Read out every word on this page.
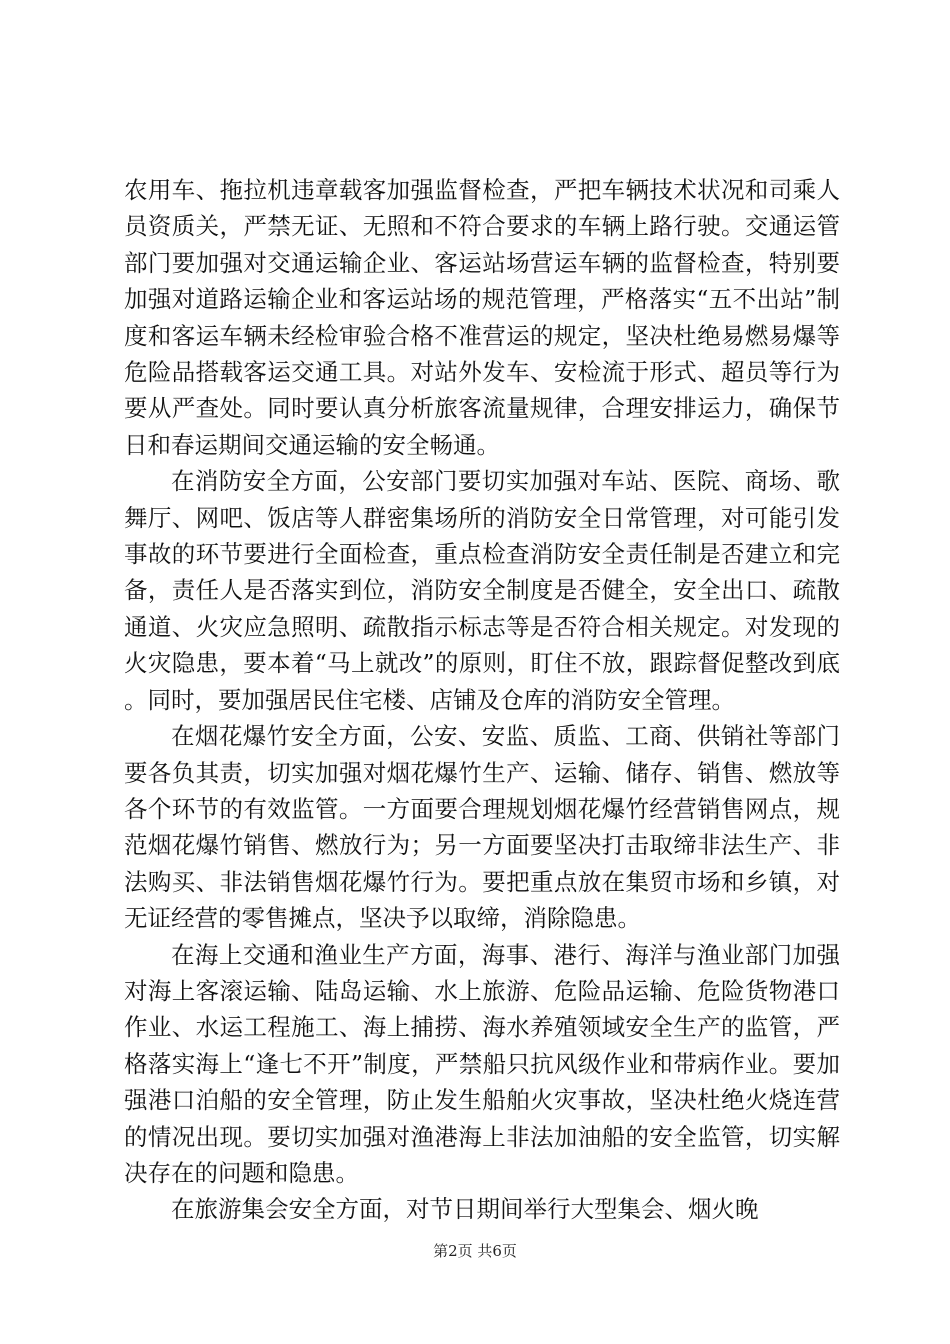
农用车、拖拉机违章载客加强监督检查，严把车辆技术状况和司乘人员资质关，严禁无证、无照和不符合要求的车辆上路行驶。交通运管部门要加强对交通运输企业、客运站场营运车辆的监督检查，特别要加强对道路运输企业和客运站场的规范管理，严格落实“五不出站”制度和客运车辆未经检审验合格不准营运的规定，坚决杜绝易燃易爆等危险品搭载客运交通工具。对站外发车、安检流于形式、超员等行为要从严查处。同时要认真分析旅客流量规律，合理安排运力，确保节日和春运期间交通运输的安全畅通。

在消防安全方面，公安部门要切实加强对车站、医院、商场、歌舞厅、网吧、饭店等人群密集场所的消防安全日常管理，对可能引发事故的环节要进行全面检查，重点检查消防安全责任制是否建立和完备，责任人是否落实到位，消防安全制度是否健全，安全出口、疏散通道、火灾应急照明、疏散指示标志等是否符合相关规定。对发现的火灾隐患，要本着“马上就改”的原则，盯住不放，跟踪督促整改到底。同时，要加强居民住宅楼、店铺及仓库的消防安全管理。

在烟花爆竹安全方面，公安、安监、质监、工商、供销社等部门要各负其责，切实加强对烟花爆竹生产、运输、储存、销售、燃放等各个环节的有效监管。一方面要合理规划烟花爆竹经营销售网点，规范烟花爆竹销售、燃放行为；另一方面要坚决打击取缔非法生产、非法购买、非法销售烟花爆竹行为。要把重点放在集贸市场和乡镇，对无证经营的零售摊点，坚决予以取缔，消除隐患。

在海上交通和渔业生产方面，海事、港行、海洋与渔业部门加强对海上客滚运输、陆岛运输、水上旅游、危险品运输、危险货物港口作业、水运工程施工、海上捕捞、海水养殖领域安全生产的监管，严格落实海上“逢七不开”制度，严禁船只抗风级作业和带病作业。要加强港口泊船的安全管理，防止发生船舶火灾事故，坚决杜绝火烧连营的情况出现。要切实加强对渔港海上非法加油船的安全监管，切实解决存在的问题和隐患。

在旅游集会安全方面，对节日期间举行大型集会、烟火晚

第2页 共6页
